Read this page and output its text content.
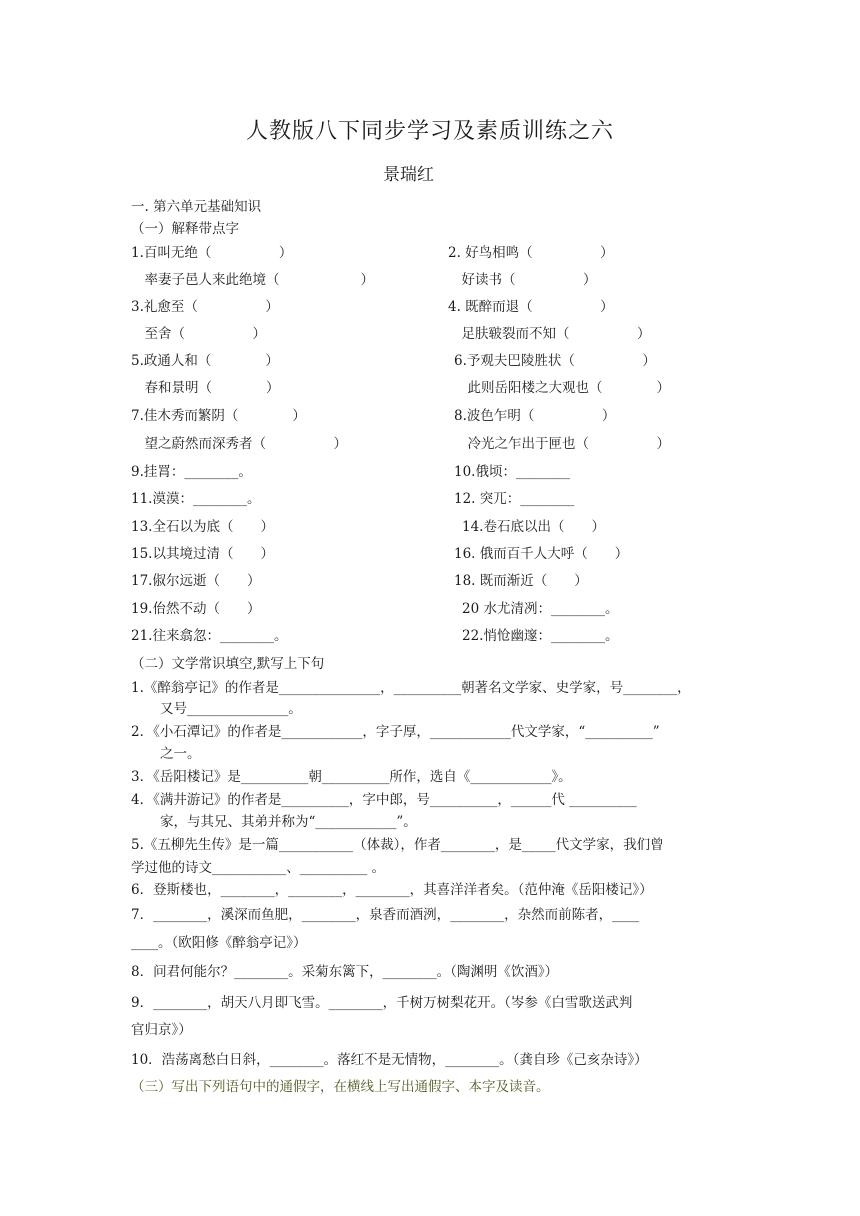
人教版八下同步学习及素质训练之六
景瑞红
一. 第六单元基础知识
（一）解释带点字
1.百叫无绝（　　　　　）
　率妻子邑人来此绝境（　　　　　　）
3.礼愈至（　　　　　）
　至舍（　　　　　）
5.政通人和（　　　　）
　春和景明（　　　　）
7.佳木秀而繁阴（　　　　）
　望之蔚然而深秀者（　　　　　）
9.挂罥：________。
11.漠漠：________。
13.全石以为底（　　）
15.以其境过清（　　）
17.俶尔远逝（　　）
19.佁然不动（　　）
21.往来翕忽：________。
2. 好鸟相鸣（　　　　　）
　好读书（　　　　　）
4. 既醉而退（　　　　　）
　足肤皲裂而不知（　　　　　）
6.予观夫巴陵胜状（　　　　　）
　此则岳阳楼之大观也（　　　　）
8.波色乍明（　　　　　）
　冷光之乍出于匣也（　　　　　）
10.俄顷：________
12. 突兀：________
14.卷石底以出（　　）
16. 俄而百千人大呼（　　）
18. 既而渐近（　　）
20 水尤清冽：________。
22.悄怆幽邃：________。
（二）文学常识填空,默写上下句
1.《醉翁亭记》的作者是_______________，__________朝著名文学家、史学家，号________，
又号_______________。
2．《小石潭记》的作者是____________，字子厚，____________代文学家，“__________”
之一。
3．《岳阳楼记》是__________朝__________所作，选自《____________》。
4．《满井游记》的作者是__________，字中郎，号__________，______代 __________
家，与其兄、其弟并称为“____________”。
5.《五柳先生传》是一篇___________（体裁），作者________，是_____代文学家，我们曾
学过他的诗文___________、__________ 。
6．登斯楼也，________，________，________，其喜洋洋者矣。（范仲淹《岳阳楼记》）
7．________，溪深而鱼肥，________，泉香而酒洌，________，杂然而前陈者，____
____。（欧阳修《醉翁亭记》）
8．问君何能尔？________。采菊东篱下，________。（陶渊明《饮酒》）
9．________，胡天八月即飞雪。________，千树万树梨花开。（岑参《白雪歌送武判
官归京》）
10．浩荡离愁白日斜，________。落红不是无情物，________。（龚自珍《己亥杂诗》）
（三）写出下列语句中的通假字，在横线上写出通假字、本字及读音。
